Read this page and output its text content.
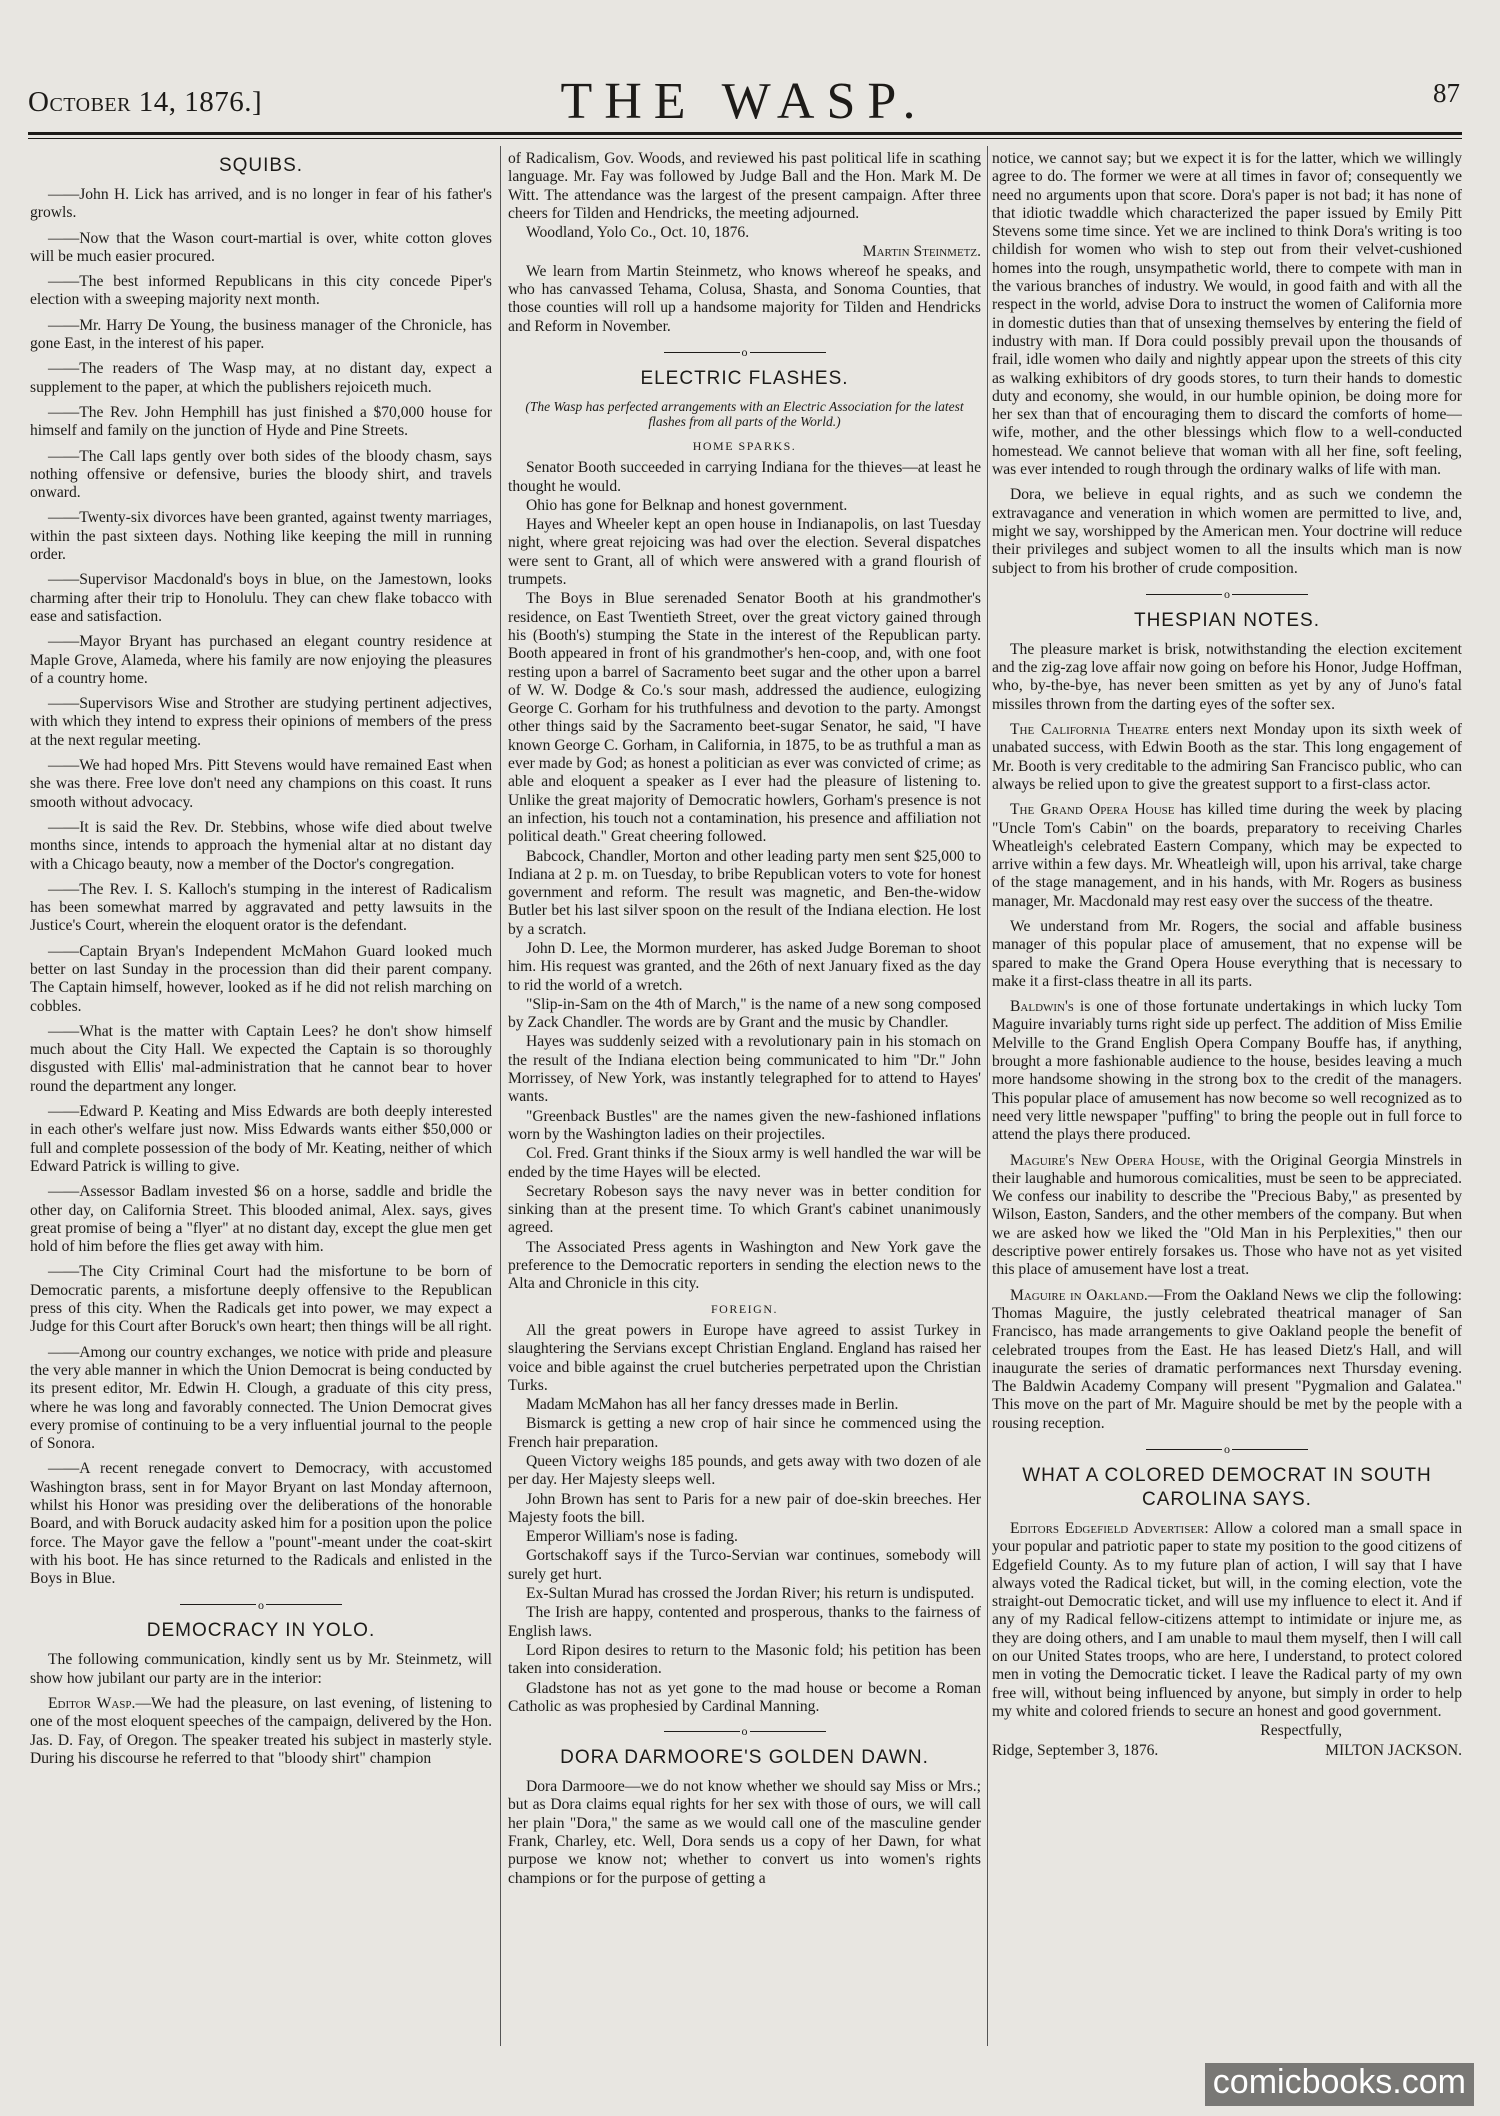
October 14, 1876.]	THE WASP.	87
SQUIBS.

——John H. Lick has arrived, and is no longer in fear of his father's growls.

——Now that the Wason court-martial is over, white cotton gloves will be much easier procured.

——The best informed Republicans in this city concede Piper's election with a sweeping majority next month.

——Mr. Harry De Young, the business manager of the Chronicle, has gone East, in the interest of his paper.

——The readers of The Wasp may, at no distant day, expect a supplement to the paper, at which the publishers rejoiceth much.

——The Rev. John Hemphill has just finished a $70,000 house for himself and family on the junction of Hyde and Pine Streets.

——The Call laps gently over both sides of the bloody chasm, says nothing offensive or defensive, buries the bloody shirt, and travels onward.

——Twenty-six divorces have been granted, against twenty marriages, within the past sixteen days. Nothing like keeping the mill in running order.

——Supervisor Macdonald's boys in blue, on the Jamestown, looks charming after their trip to Honolulu. They can chew flake tobacco with ease and satisfaction.

——Mayor Bryant has purchased an elegant country residence at Maple Grove, Alameda, where his family are now enjoying the pleasures of a country home.

——Supervisors Wise and Strother are studying pertinent adjectives, with which they intend to express their opinions of members of the press at the next regular meeting.

——We had hoped Mrs. Pitt Stevens would have remained East when she was there. Free love don't need any champions on this coast. It runs smooth without advocacy.

——It is said the Rev. Dr. Stebbins, whose wife died about twelve months since, intends to approach the hymenial altar at no distant day with a Chicago beauty, now a member of the Doctor's congregation.

——The Rev. I. S. Kalloch's stumping in the interest of Radicalism has been somewhat marred by aggravated and petty lawsuits in the Justice's Court, wherein the eloquent orator is the defendant.

——Captain Bryan's Independent McMahon Guard looked much better on last Sunday in the procession than did their parent company. The Captain himself, however, looked as if he did not relish marching on cobbles.

——What is the matter with Captain Lees? he don't show himself much about the City Hall. We expected the Captain is so thoroughly disgusted with Ellis' mal-administration that he cannot bear to hover round the department any longer.

——Edward P. Keating and Miss Edwards are both deeply interested in each other's welfare just now. Miss Edwards wants either $50,000 or full and complete possession of the body of Mr. Keating, neither of which Edward Patrick is willing to give.

——Assessor Badlam invested $6 on a horse, saddle and bridle the other day, on California Street. This blooded animal, Alex. says, gives great promise of being a "flyer" at no distant day, except the glue men get hold of him before the flies get away with him.

——The City Criminal Court had the misfortune to be born of Democratic parents, a misfortune deeply offensive to the Republican press of this city. When the Radicals get into power, we may expect a Judge for this Court after Boruck's own heart; then things will be all right.

——Among our country exchanges, we notice with pride and pleasure the very able manner in which the Union Democrat is being conducted by its present editor, Mr. Edwin H. Clough, a graduate of this city press, where he was long and favorably connected. The Union Democrat gives every promise of continuing to be a very influential journal to the people of Sonora.

——A recent renegade convert to Democracy, with accustomed Washington brass, sent in for Mayor Bryant on last Monday afternoon, whilst his Honor was presiding over the deliberations of the honorable Board, and with Boruck audacity asked him for a position upon the police force. The Mayor gave the fellow a "pount"-meant under the coat-skirt with his boot. He has since returned to the Radicals and enlisted in the Boys in Blue.

o
DEMOCRACY IN YOLO.

The following communication, kindly sent us by Mr. Steinmetz, will show how jubilant our party are in the interior:

Editor Wasp.—We had the pleasure, on last evening, of listening to one of the most eloquent speeches of the campaign, delivered by the Hon. Jas. D. Fay, of Oregon. The speaker treated his subject in masterly style. During his discourse he referred to that "bloody shirt" champion

of Radicalism, Gov. Woods, and reviewed his past political life in scathing language. Mr. Fay was followed by Judge Ball and the Hon. Mark M. De Witt. The attendance was the largest of the present campaign. After three cheers for Tilden and Hendricks, the meeting adjourned.

Woodland, Yolo Co., Oct. 10, 1876.

Martin Steinmetz.

We learn from Martin Steinmetz, who knows whereof he speaks, and who has canvassed Tehama, Colusa, Shasta, and Sonoma Counties, that those counties will roll up a handsome majority for Tilden and Hendricks and Reform in November.

o
ELECTRIC FLASHES.
(The Wasp has perfected arrangements with an Electric Association for the latest flashes from all parts of the World.)
HOME SPARKS.

Senator Booth succeeded in carrying Indiana for the thieves—at least he thought he would.

Ohio has gone for Belknap and honest government.

Hayes and Wheeler kept an open house in Indianapolis, on last Tuesday night, where great rejoicing was had over the election. Several dispatches were sent to Grant, all of which were answered with a grand flourish of trumpets.

The Boys in Blue serenaded Senator Booth at his grandmother's residence, on East Twentieth Street, over the great victory gained through his (Booth's) stumping the State in the interest of the Republican party. Booth appeared in front of his grandmother's hen-coop, and, with one foot resting upon a barrel of Sacramento beet sugar and the other upon a barrel of W. W. Dodge & Co.'s sour mash, addressed the audience, eulogizing George C. Gorham for his truthfulness and devotion to the party. Amongst other things said by the Sacramento beet-sugar Senator, he said, "I have known George C. Gorham, in California, in 1875, to be as truthful a man as ever made by God; as honest a politician as ever was convicted of crime; as able and eloquent a speaker as I ever had the pleasure of listening to. Unlike the great majority of Democratic howlers, Gorham's presence is not an infection, his touch not a contamination, his presence and affiliation not political death." Great cheering followed.

Babcock, Chandler, Morton and other leading party men sent $25,000 to Indiana at 2 p. m. on Tuesday, to bribe Republican voters to vote for honest government and reform. The result was magnetic, and Ben-the-widow Butler bet his last silver spoon on the result of the Indiana election. He lost by a scratch.

John D. Lee, the Mormon murderer, has asked Judge Boreman to shoot him. His request was granted, and the 26th of next January fixed as the day to rid the world of a wretch.

"Slip-in-Sam on the 4th of March," is the name of a new song composed by Zack Chandler. The words are by Grant and the music by Chandler.

Hayes was suddenly seized with a revolutionary pain in his stomach on the result of the Indiana election being communicated to him "Dr." John Morrissey, of New York, was instantly telegraphed for to attend to Hayes' wants.

"Greenback Bustles" are the names given the new-fashioned inflations worn by the Washington ladies on their projectiles.

Col. Fred. Grant thinks if the Sioux army is well handled the war will be ended by the time Hayes will be elected.

Secretary Robeson says the navy never was in better condition for sinking than at the present time. To which Grant's cabinet unanimously agreed.

The Associated Press agents in Washington and New York gave the preference to the Democratic reporters in sending the election news to the Alta and Chronicle in this city.

FOREIGN.

All the great powers in Europe have agreed to assist Turkey in slaughtering the Servians except Christian England. England has raised her voice and bible against the cruel butcheries perpetrated upon the Christian Turks.

Madam McMahon has all her fancy dresses made in Berlin.

Bismarck is getting a new crop of hair since he commenced using the French hair preparation.

Queen Victory weighs 185 pounds, and gets away with two dozen of ale per day. Her Majesty sleeps well.

John Brown has sent to Paris for a new pair of doe-skin breeches. Her Majesty foots the bill.

Emperor William's nose is fading.

Gortschakoff says if the Turco-Servian war continues, somebody will surely get hurt.

Ex-Sultan Murad has crossed the Jordan River; his return is undisputed.

The Irish are happy, contented and prosperous, thanks to the fairness of English laws.

Lord Ripon desires to return to the Masonic fold; his petition has been taken into consideration.

Gladstone has not as yet gone to the mad house or become a Roman Catholic as was prophesied by Cardinal Manning.

o
DORA DARMOORE'S GOLDEN DAWN.

Dora Darmoore—we do not know whether we should say Miss or Mrs.; but as Dora claims equal rights for her sex with those of ours, we will call her plain "Dora," the same as we would call one of the masculine gender Frank, Charley, etc. Well, Dora sends us a copy of her Dawn, for what purpose we know not; whether to convert us into women's rights champions or for the purpose of getting a

notice, we cannot say; but we expect it is for the latter, which we willingly agree to do. The former we were at all times in favor of; consequently we need no arguments upon that score. Dora's paper is not bad; it has none of that idiotic twaddle which characterized the paper issued by Emily Pitt Stevens some time since. Yet we are inclined to think Dora's writing is too childish for women who wish to step out from their velvet-cushioned homes into the rough, unsympathetic world, there to compete with man in the various branches of industry. We would, in good faith and with all the respect in the world, advise Dora to instruct the women of California more in domestic duties than that of unsexing themselves by entering the field of industry with man. If Dora could possibly prevail upon the thousands of frail, idle women who daily and nightly appear upon the streets of this city as walking exhibitors of dry goods stores, to turn their hands to domestic duty and economy, she would, in our humble opinion, be doing more for her sex than that of encouraging them to discard the comforts of home—wife, mother, and the other blessings which flow to a well-conducted homestead. We cannot believe that woman with all her fine, soft feeling, was ever intended to rough through the ordinary walks of life with man.

Dora, we believe in equal rights, and as such we condemn the extravagance and veneration in which women are permitted to live, and, might we say, worshipped by the American men. Your doctrine will reduce their privileges and subject women to all the insults which man is now subject to from his brother of crude composition.

o
THESPIAN NOTES.

The pleasure market is brisk, notwithstanding the election excitement and the zig-zag love affair now going on before his Honor, Judge Hoffman, who, by-the-bye, has never been smitten as yet by any of Juno's fatal missiles thrown from the darting eyes of the softer sex.

The California Theatre enters next Monday upon its sixth week of unabated success, with Edwin Booth as the star. This long engagement of Mr. Booth is very creditable to the admiring San Francisco public, who can always be relied upon to give the greatest support to a first-class actor.

The Grand Opera House has killed time during the week by placing "Uncle Tom's Cabin" on the boards, preparatory to receiving Charles Wheatleigh's celebrated Eastern Company, which may be expected to arrive within a few days. Mr. Wheatleigh will, upon his arrival, take charge of the stage management, and in his hands, with Mr. Rogers as business manager, Mr. Macdonald may rest easy over the success of the theatre.

We understand from Mr. Rogers, the social and affable business manager of this popular place of amusement, that no expense will be spared to make the Grand Opera House everything that is necessary to make it a first-class theatre in all its parts.

Baldwin's is one of those fortunate undertakings in which lucky Tom Maguire invariably turns right side up perfect. The addition of Miss Emilie Melville to the Grand English Opera Company Bouffe has, if anything, brought a more fashionable audience to the house, besides leaving a much more handsome showing in the strong box to the credit of the managers. This popular place of amusement has now become so well recognized as to need very little newspaper "puffing" to bring the people out in full force to attend the plays there produced.

Maguire's New Opera House, with the Original Georgia Minstrels in their laughable and humorous comicalities, must be seen to be appreciated. We confess our inability to describe the "Precious Baby," as presented by Wilson, Easton, Sanders, and the other members of the company. But when we are asked how we liked the "Old Man in his Perplexities," then our descriptive power entirely forsakes us. Those who have not as yet visited this place of amusement have lost a treat.

Maguire in Oakland.—From the Oakland News we clip the following: Thomas Maguire, the justly celebrated theatrical manager of San Francisco, has made arrangements to give Oakland people the benefit of celebrated troupes from the East. He has leased Dietz's Hall, and will inaugurate the series of dramatic performances next Thursday evening. The Baldwin Academy Company will present "Pygmalion and Galatea." This move on the part of Mr. Maguire should be met by the people with a rousing reception.

o
WHAT A COLORED DEMOCRAT IN SOUTH CAROLINA SAYS.

Editors Edgefield Advertiser: Allow a colored man a small space in your popular and patriotic paper to state my position to the good citizens of Edgefield County. As to my future plan of action, I will say that I have always voted the Radical ticket, but will, in the coming election, vote the straight-out Democratic ticket, and will use my influence to elect it. And if any of my Radical fellow-citizens attempt to intimidate or injure me, as they are doing others, and I am unable to maul them myself, then I will call on our United States troops, who are here, I understand, to protect colored men in voting the Democratic ticket. I leave the Radical party of my own free will, without being influenced by anyone, but simply in order to help my white and colored friends to secure an honest and good government.

Respectfully,

Ridge, September 3, 1876.	MILTON JACKSON.
comicbooks.com
